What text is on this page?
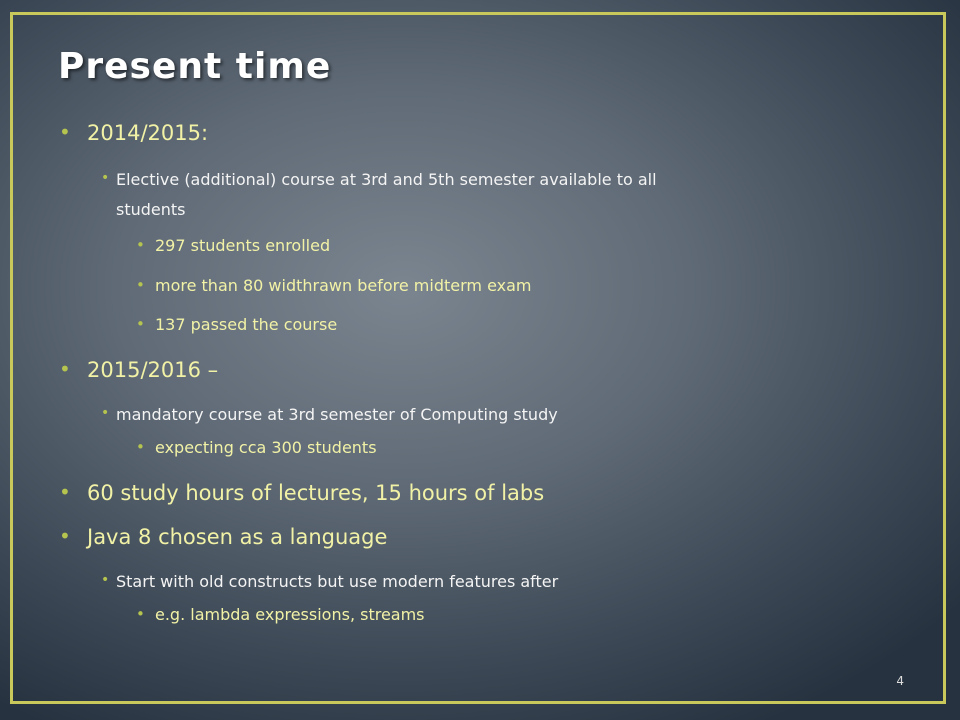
Present time

• 2014/2015:

• Elective (additional) course at 3rd and 5th semester available to all

students

• 297 students enrolled

• more than 80 widthrawn before midterm exam

• 137 passed the course

• 2015/2016 –

• mandatory course at 3rd semester of Computing study

• expecting cca 300 students

• 60 study hours of lectures, 15 hours of labs

• Java 8 chosen as a language

• Start with old constructs but use modern features after

• e.g. lambda expressions, streams

4
